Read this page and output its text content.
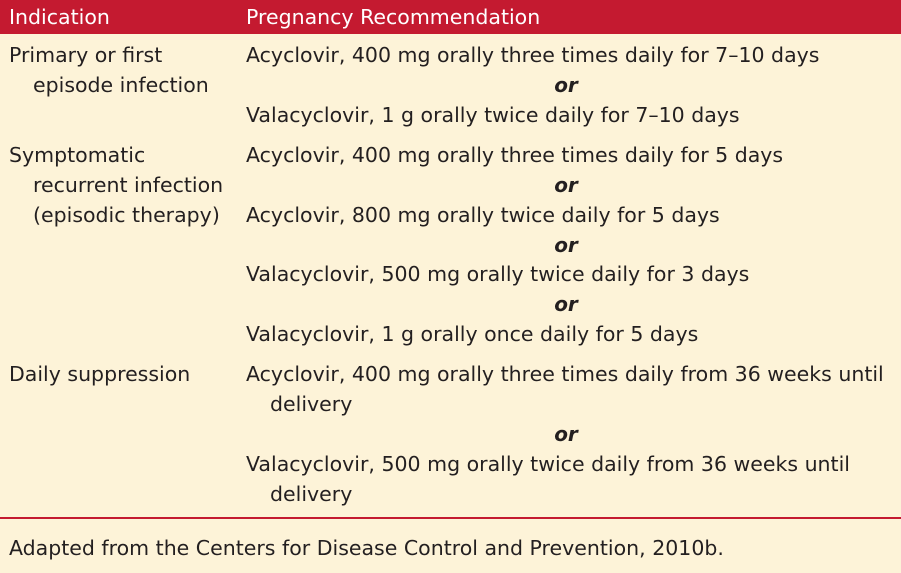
Indication	Pregnancy Recommendation
Primary or first
episode infection
Acyclovir, 400 mg orally three times daily for 7–10 days
or
Valacyclovir, 1 g orally twice daily for 7–10 days
Symptomatic
recurrent infection
(episodic therapy)
Acyclovir, 400 mg orally three times daily for 5 days
or
Acyclovir, 800 mg orally twice daily for 5 days
or
Valacyclovir, 500 mg orally twice daily for 3 days
or
Valacyclovir, 1 g orally once daily for 5 days
Daily suppression	Acyclovir, 400 mg orally three times daily from 36 weeks until
delivery
or
Valacyclovir, 500 mg orally twice daily from 36 weeks until
delivery
Adapted from the Centers for Disease Control and Prevention, 2010b.
